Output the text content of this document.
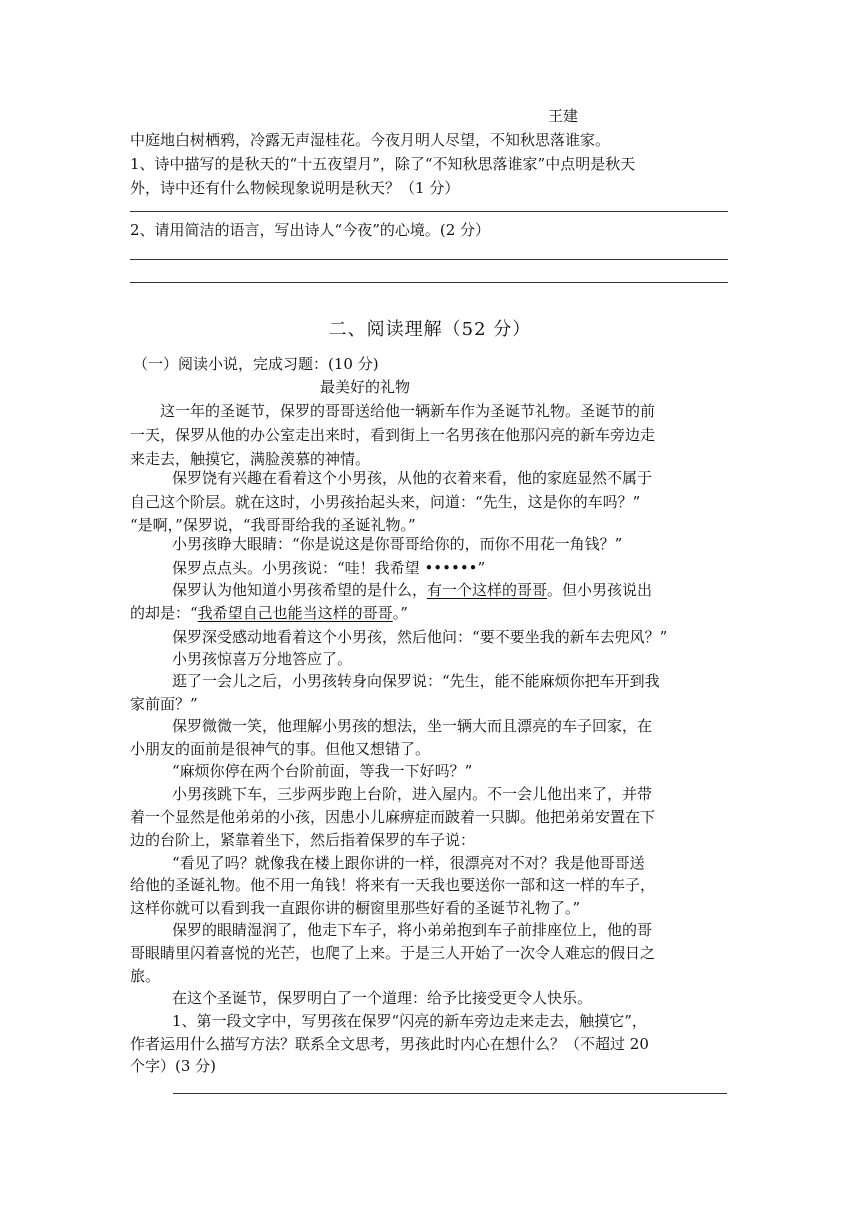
王建
中庭地白树栖鸦，冷露无声湿桂花。今夜月明人尽望，不知秋思落谁家。
1、诗中描写的是秋天的“十五夜望月”，除了“不知秋思落谁家”中点明是秋天
外，诗中还有什么物候现象说明是秋天？（1 分）
2、请用简洁的语言，写出诗人“今夜”的心境。(2 分）
二、阅读理解（52 分）
（一）阅读小说，完成习题：(10 分)
最美好的礼物
这一年的圣诞节，保罗的哥哥送给他一辆新车作为圣诞节礼物。圣诞节的前
一天，保罗从他的办公室走出来时，看到街上一名男孩在他那闪亮的新车旁边走
来走去，触摸它，满脸羡慕的神情。
保罗饶有兴趣在看着这个小男孩，从他的衣着来看，他的家庭显然不属于
自己这个阶层。就在这时，小男孩抬起头来，问道：“先生，这是你的车吗？”
“是啊，”保罗说，“我哥哥给我的圣诞礼物。”
小男孩睁大眼睛：“你是说这是你哥哥给你的，而你不用花一角钱？”
保罗点点头。小男孩说：“哇！我希望 ••••••”
保罗认为他知道小男孩希望的是什么，有一个这样的哥哥。但小男孩说出
的却是：“我希望自己也能当这样的哥哥。”
保罗深受感动地看着这个小男孩，然后他问：“要不要坐我的新车去兜风？”
小男孩惊喜万分地答应了。
逛了一会儿之后，小男孩转身向保罗说：“先生，能不能麻烦你把车开到我
家前面？”
保罗微微一笑，他理解小男孩的想法，坐一辆大而且漂亮的车子回家，在
小朋友的面前是很神气的事。但他又想错了。
“麻烦你停在两个台阶前面，等我一下好吗？”
小男孩跳下车，三步两步跑上台阶，进入屋内。不一会儿他出来了，并带
着一个显然是他弟弟的小孩，因患小儿麻痹症而跛着一只脚。他把弟弟安置在下
边的台阶上，紧靠着坐下，然后指着保罗的车子说：
“看见了吗？就像我在楼上跟你讲的一样，很漂亮对不对？我是他哥哥送
给他的圣诞礼物。他不用一角钱！将来有一天我也要送你一部和这一样的车子，
这样你就可以看到我一直跟你讲的橱窗里那些好看的圣诞节礼物了。”
保罗的眼睛湿润了，他走下车子，将小弟弟抱到车子前排座位上，他的哥
哥眼睛里闪着喜悦的光芒，也爬了上来。于是三人开始了一次令人难忘的假日之
旅。
在这个圣诞节，保罗明白了一个道理：给予比接受更令人快乐。
1、第一段文字中，写男孩在保罗“闪亮的新车旁边走来走去，触摸它”，
作者运用什么描写方法？联系全文思考，男孩此时内心在想什么？（不超过 20
个字）(3 分)
